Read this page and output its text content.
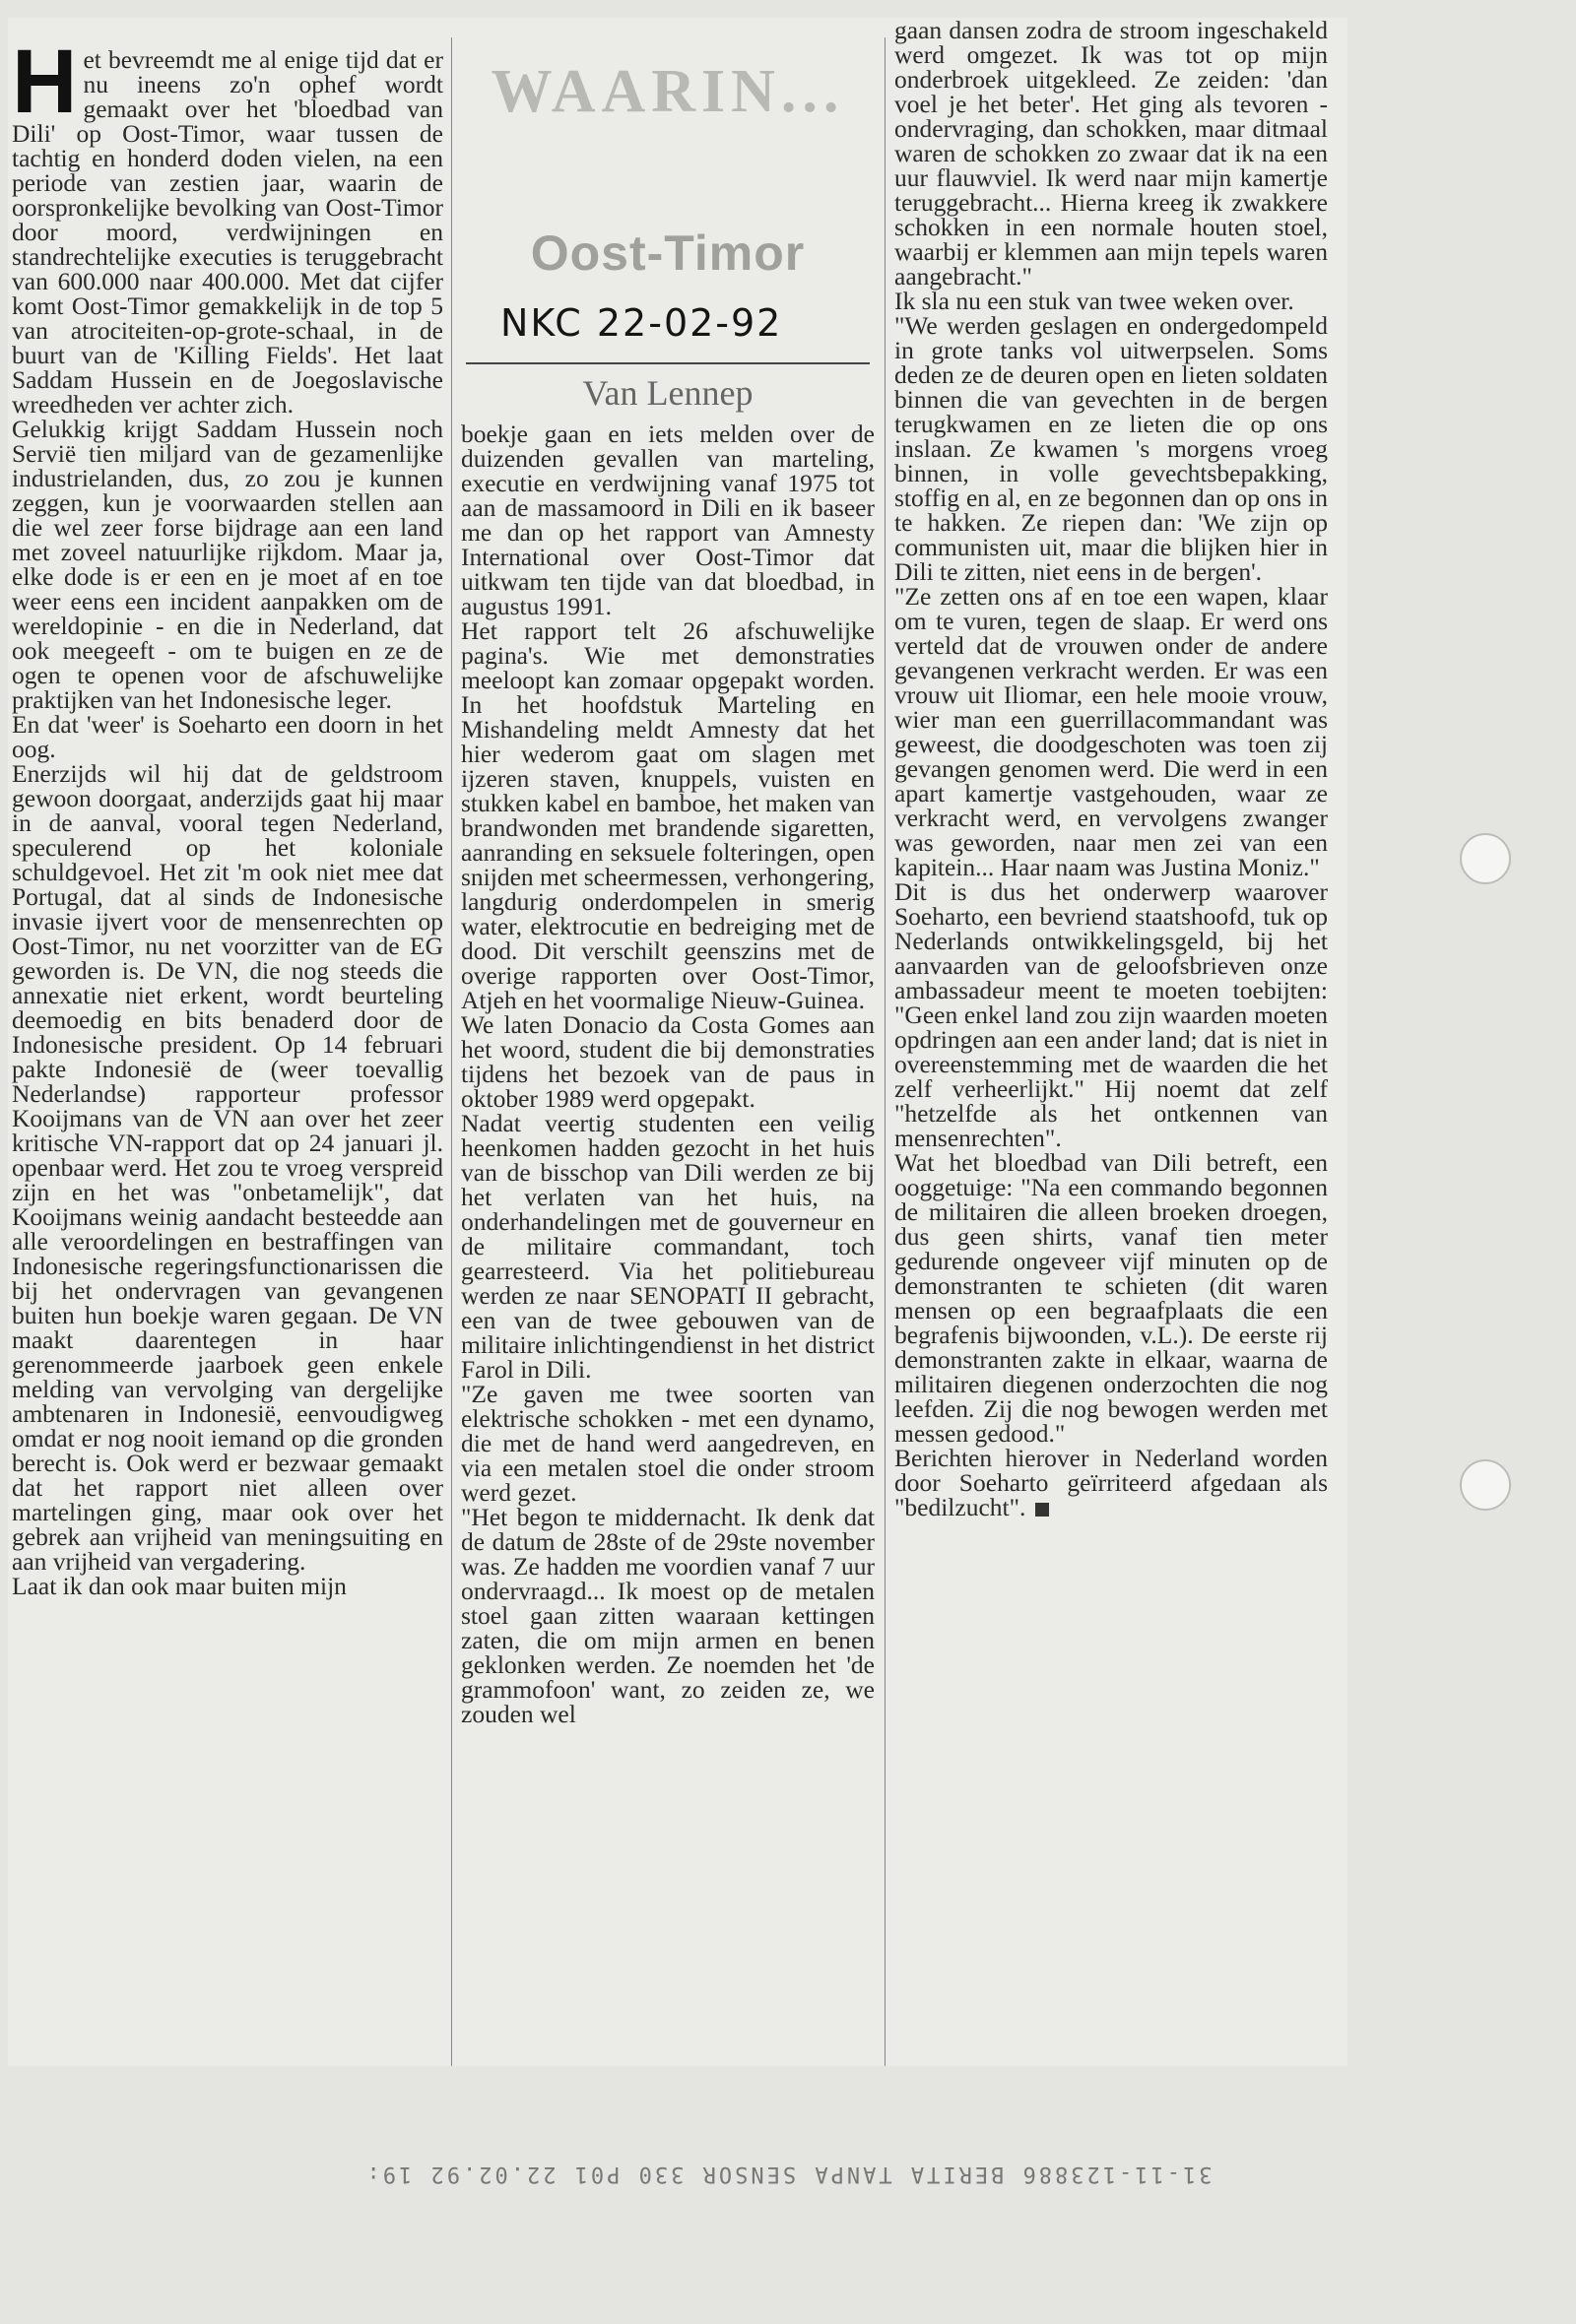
Het bevreemdt me al enige tijd dat er nu ineens zo'n ophef wordt gemaakt over het 'bloedbad van Dili' op Oost-Timor, waar tussen de tachtig en honderd doden vielen, na een periode van zestien jaar, waarin de oorspronkelijke bevolking van Oost-Timor door moord, verdwijningen en standrechtelijke executies is teruggebracht van 600.000 naar 400.000. Met dat cijfer komt Oost-Timor gemakkelijk in de top 5 van atrociteiten-op-grote-schaal, in de buurt van de 'Killing Fields'. Het laat Saddam Hussein en de Joegoslavische wreedheden ver achter zich.

Gelukkig krijgt Saddam Hussein noch Servië tien miljard van de gezamenlijke industrielanden, dus, zo zou je kunnen zeggen, kun je voorwaarden stellen aan die wel zeer forse bijdrage aan een land met zoveel natuurlijke rijkdom. Maar ja, elke dode is er een en je moet af en toe weer eens een incident aanpakken om de wereldopinie - en die in Nederland, dat ook meegeeft - om te buigen en ze de ogen te openen voor de afschuwelijke praktijken van het Indonesische leger.

En dat 'weer' is Soeharto een doorn in het oog.

Enerzijds wil hij dat de geldstroom gewoon doorgaat, anderzijds gaat hij maar in de aanval, vooral tegen Nederland, speculerend op het koloniale schuldgevoel. Het zit 'm ook niet mee dat Portugal, dat al sinds de Indonesische invasie ijvert voor de mensenrechten op Oost-Timor, nu net voorzitter van de EG geworden is. De VN, die nog steeds die annexatie niet erkent, wordt beurteling deemoedig en bits benaderd door de Indonesische president. Op 14 februari pakte Indonesië de (weer toevallig Nederlandse) rapporteur professor Kooijmans van de VN aan over het zeer kritische VN-rapport dat op 24 januari jl. openbaar werd. Het zou te vroeg verspreid zijn en het was "onbetamelijk", dat Kooijmans weinig aandacht besteedde aan alle veroordelingen en bestraffingen van Indonesische regeringsfunctionarissen die bij het ondervragen van gevangenen buiten hun boekje waren gegaan. De VN maakt daarentegen in haar gerenommeerde jaarboek geen enkele melding van vervolging van dergelijke ambtenaren in Indonesië, eenvoudigweg omdat er nog nooit iemand op die gronden berecht is. Ook werd er bezwaar gemaakt dat het rapport niet alleen over martelingen ging, maar ook over het gebrek aan vrijheid van meningsuiting en aan vrijheid van vergadering.

Laat ik dan ook maar buiten mijn

WAARIN...
Oost-Timor
NKC 22-02-92
Van Lennep

boekje gaan en iets melden over de duizenden gevallen van marteling, executie en verdwijning vanaf 1975 tot aan de massamoord in Dili en ik baseer me dan op het rapport van Amnesty International over Oost-Timor dat uitkwam ten tijde van dat bloedbad, in augustus 1991.

Het rapport telt 26 afschuwelijke pagina's. Wie met demonstraties meeloopt kan zomaar opgepakt worden. In het hoofdstuk Marteling en Mishandeling meldt Amnesty dat het hier wederom gaat om slagen met ijzeren staven, knuppels, vuisten en stukken kabel en bamboe, het maken van brandwonden met brandende sigaretten, aanranding en seksuele folteringen, open snijden met scheermessen, verhongering, langdurig onderdompelen in smerig water, elektrocutie en bedreiging met de dood. Dit verschilt geenszins met de overige rapporten over Oost-Timor, Atjeh en het voormalige Nieuw-Guinea.

We laten Donacio da Costa Gomes aan het woord, student die bij demonstraties tijdens het bezoek van de paus in oktober 1989 werd opgepakt.

Nadat veertig studenten een veilig heenkomen hadden gezocht in het huis van de bisschop van Dili werden ze bij het verlaten van het huis, na onderhandelingen met de gouverneur en de militaire commandant, toch gearresteerd. Via het politiebureau werden ze naar SENOPATI II gebracht, een van de twee gebouwen van de militaire inlichtingendienst in het district Farol in Dili.

"Ze gaven me twee soorten van elektrische schokken - met een dynamo, die met de hand werd aangedreven, en via een metalen stoel die onder stroom werd gezet.

"Het begon te middernacht. Ik denk dat de datum de 28ste of de 29ste november was. Ze hadden me voordien vanaf 7 uur ondervraagd... Ik moest op de metalen stoel gaan zitten waaraan kettingen zaten, die om mijn armen en benen geklonken werden. Ze noemden het 'de grammofoon' want, zo zeiden ze, we zouden wel

gaan dansen zodra de stroom ingeschakeld werd omgezet. Ik was tot op mijn onderbroek uitgekleed. Ze zeiden: 'dan voel je het beter'. Het ging als tevoren - ondervraging, dan schokken, maar ditmaal waren de schokken zo zwaar dat ik na een uur flauwviel. Ik werd naar mijn kamertje teruggebracht... Hierna kreeg ik zwakkere schokken in een normale houten stoel, waarbij er klemmen aan mijn tepels waren aangebracht."

Ik sla nu een stuk van twee weken over.

"We werden geslagen en ondergedompeld in grote tanks vol uitwerpselen. Soms deden ze de deuren open en lieten soldaten binnen die van gevechten in de bergen terugkwamen en ze lieten die op ons inslaan. Ze kwamen 's morgens vroeg binnen, in volle gevechtsbepakking, stoffig en al, en ze begonnen dan op ons in te hakken. Ze riepen dan: 'We zijn op communisten uit, maar die blijken hier in Dili te zitten, niet eens in de bergen'.

"Ze zetten ons af en toe een wapen, klaar om te vuren, tegen de slaap. Er werd ons verteld dat de vrouwen onder de andere gevangenen verkracht werden. Er was een vrouw uit Iliomar, een hele mooie vrouw, wier man een guerrillacommandant was geweest, die doodgeschoten was toen zij gevangen genomen werd. Die werd in een apart kamertje vastgehouden, waar ze verkracht werd, en vervolgens zwanger was geworden, naar men zei van een kapitein... Haar naam was Justina Moniz."

Dit is dus het onderwerp waarover Soeharto, een bevriend staatshoofd, tuk op Nederlands ontwikkelingsgeld, bij het aanvaarden van de geloofsbrieven onze ambassadeur meent te moeten toebijten: "Geen enkel land zou zijn waarden moeten opdringen aan een ander land; dat is niet in overeenstemming met de waarden die het zelf verheerlijkt." Hij noemt dat zelf "hetzelfde als het ontkennen van mensenrechten".

Wat het bloedbad van Dili betreft, een ooggetuige: "Na een commando begonnen de militairen die alleen broeken droegen, dus geen shirts, vanaf tien meter gedurende ongeveer vijf minuten op de demonstranten te schieten (dit waren mensen op een begraafplaats die een begrafenis bijwoonden, v.L.). De eerste rij demonstranten zakte in elkaar, waarna de militairen diegenen onderzochten die nog leefden. Zij die nog bewogen werden met messen gedood."

Berichten hierover in Nederland worden door Soeharto geïrriteerd afgedaan als "bedilzucht".

31-11-123886 BERITA TANPA SENSOR 330 P01 22.02.92 19:
